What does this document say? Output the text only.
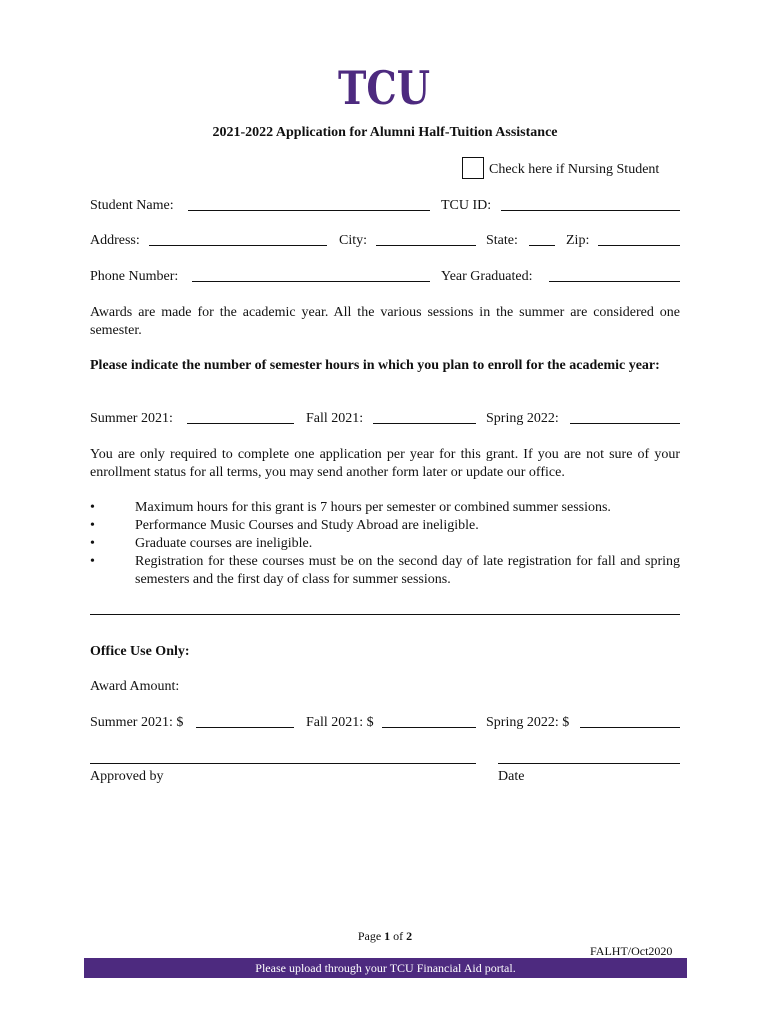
TCU
2021-2022 Application for Alumni Half-Tuition Assistance
Check here if Nursing Student
Student Name:	TCU ID:
Address:	City:	State:	Zip:
Phone Number:	Year Graduated:
Awards are made for the academic year. All the various sessions in the summer are considered one semester.
Please indicate the number of semester hours in which you plan to enroll for the academic year:
Summer 2021:	Fall 2021:	Spring 2022:
You are only required to complete one application per year for this grant. If you are not sure of your enrollment status for all terms, you may send another form later or update our office.
• Maximum hours for this grant is 7 hours per semester or combined summer sessions.
• Performance Music Courses and Study Abroad are ineligible.
• Graduate courses are ineligible.
• Registration for these courses must be on the second day of late registration for fall and spring semesters and the first day of class for summer sessions.
Office Use Only:
Award Amount:
Summer 2021: $	Fall 2021: $	Spring 2022: $
Approved by	Date
Page 1 of 2
FALHT/Oct2020
Please upload through your TCU Financial Aid portal.
